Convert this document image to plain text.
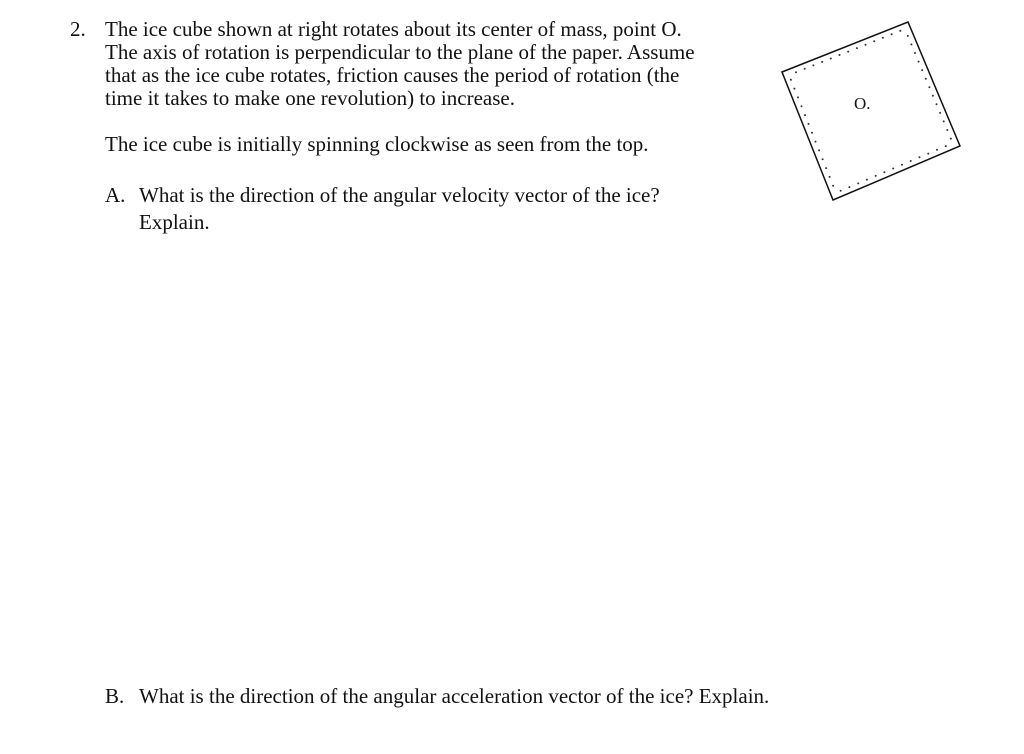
2. The ice cube shown at right rotates about its center of mass, point O.
The axis of rotation is perpendicular to the plane of the paper. Assume
that as the ice cube rotates, friction causes the period of rotation (the
time it takes to make one revolution) to increase.
The ice cube is initially spinning clockwise as seen from the top.
A. What is the direction of the angular velocity vector of the ice?
Explain.
B. What is the direction of the angular acceleration vector of the ice? Explain.
O.
